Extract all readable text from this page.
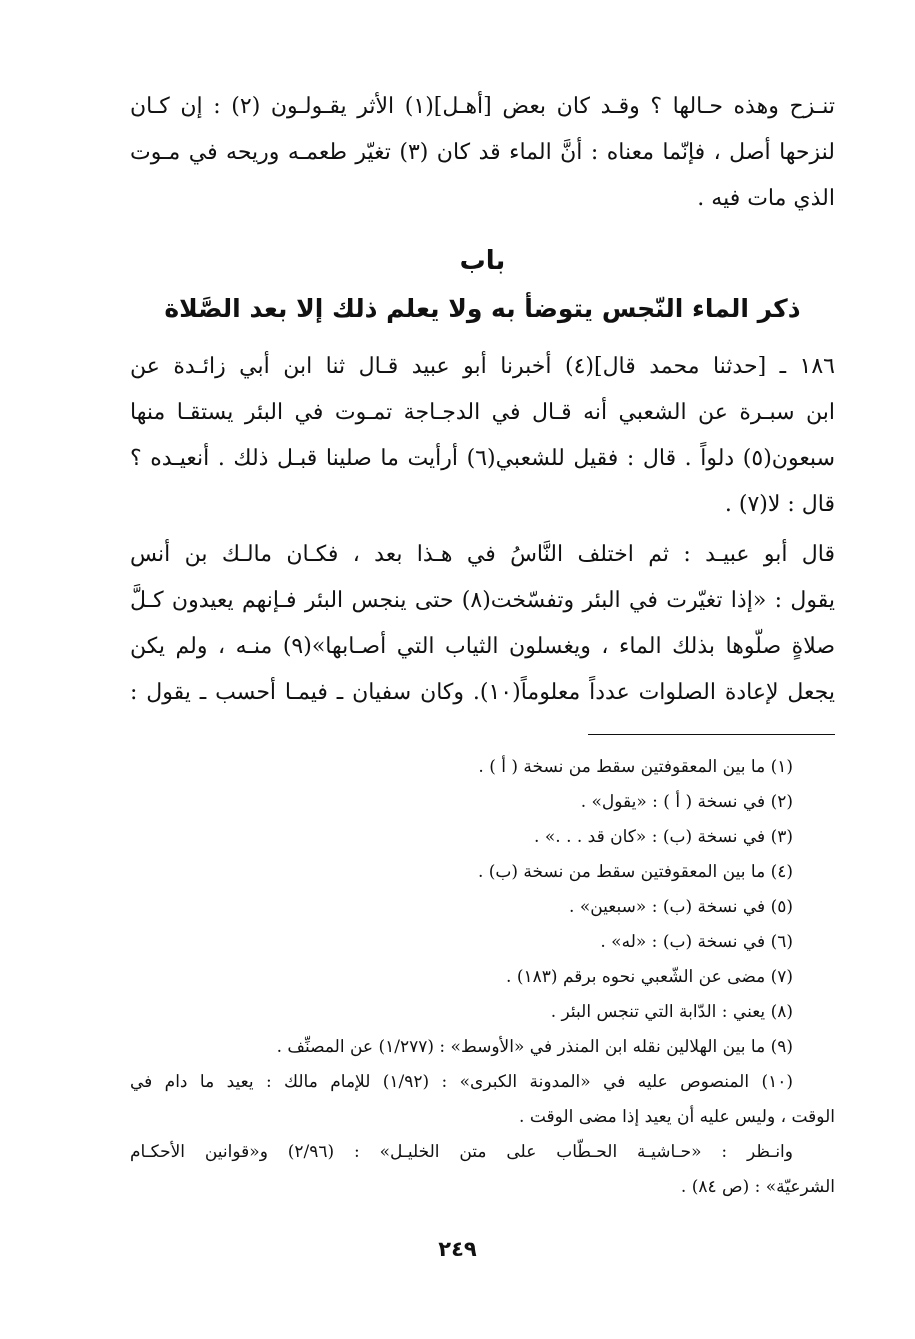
تنـزح وهذه حـالها ؟ وقـد كان بعض [أهـل](١) الأثر يقـولـون (٢) : إن كـان
لنزحها أصل ، فإنّما معناه : أنَّ الماء قد كان (٣) تغيّر طعمـه وريحه في مـوت
الذي مات فيه .
باب
ذكر الماء النّجس يتوضأ به ولا يعلم ذلك إلا بعد الصَّلاة
١٨٦ ـ [حدثنا محمد قال](٤) أخبرنا أبو عبيد قـال ثنا ابن أبي زائـدة عن
ابن سبـرة عن الشعبي أنه قـال في الدجـاجة تمـوت في البئر يستقـا منها
سبعون(٥) دلواً . قال : فقيل للشعبي(٦) أرأيت ما صلينا قبـل ذلك . أنعيـده ؟
قال : لا(٧) .
قال أبو عبيـد : ثم اختلف النَّاسُ في هـذا بعد ، فكـان مالـك بن أنس
يقول : «إذا تغيّرت في البئر وتفسّخت(٨) حتى ينجس البئر فـإنهم يعيدون كـلَّ
صلاةٍ صلّوها بذلك الماء ، ويغسلون الثياب التي أصـابها»(٩) منـه ، ولم يكن
يجعل لإعادة الصلوات عدداً معلوماً(١٠). وكان سفيان ـ فيمـا أحسب ـ يقول :
(١) ما بين المعقوفتين سقط من نسخة ( أ ) .
(٢) في نسخة ( أ ) : «يقول» .
(٣) في نسخة (ب) : «كان قد . . .» .
(٤) ما بين المعقوفتين سقط من نسخة (ب) .
(٥) في نسخة (ب) : «سبعين» .
(٦) في نسخة (ب) : «له» .
(٧) مضى عن الشّعبي نحوه برقم (١٨٣) .
(٨) يعني : الدّابة التي تنجس البئر .
(٩) ما بين الهلالين نقله ابن المنذر في «الأوسط» : (١/٢٧٧) عن المصنِّف .
(١٠) المنصوص عليه في «المدونة الكبرى» : (١/٩٢) للإمام مالك : يعيد ما دام في
الوقت ، وليس عليه أن يعيد إذا مضى الوقت .
وانـظر : «حـاشيـة الحـطّاب على متن الخليـل» : (٢/٩٦) و«قوانين الأحكـام
الشرعيّة» : (ص ٨٤) .
٢٤٩
